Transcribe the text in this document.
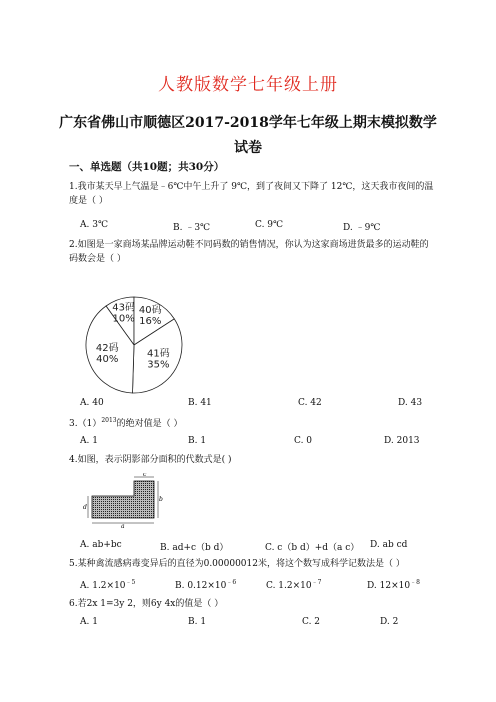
人教版数学七年级上册
广东省佛山市顺德区2017-2018学年七年级上期末模拟数学
试卷
一、单选题（共10题；共30分）
1.我市某天早上气温是﹣6℃中午上升了 9℃，到了夜间又下降了 12℃，这天我市夜间的温
度是（ ）
A. 3℃	B. ﹣3℃	C. 9℃	D. ﹣9℃
2.如图是一家商场某品牌运动鞋不同码数的销售情况，你认为这家商场进货最多的运动鞋的
码数会是（ ）
43码
10%
40码
16%
41码
35%
42码
40%
A. 40	B. 41	C. 42	D. 43
$3.(1)^{2013}$的绝对值是（ ）
A. 1	B. 1	C. 0	D. 2013
4.如图，表示阴影部分面积的代数式是( )
c
b
d
a
A. ab+bc	B. ad+c（b d）	C. c（b d）+d（a c） D. ab cd
5.某种禽流感病毒变异后的直径为0.00000012米，将这个数写成科学记数法是（ ）
A. $1.2\times 10^{﹣5}$	B. $0.12\times 10^{﹣6}$	C. $1.2\times 10^{﹣7}$	D. $12\times 10^{﹣8}$
6.若2x 1=3y 2，则6y 4x的值是（ ）
A. 1	B. 1	C. 2	D. 2
